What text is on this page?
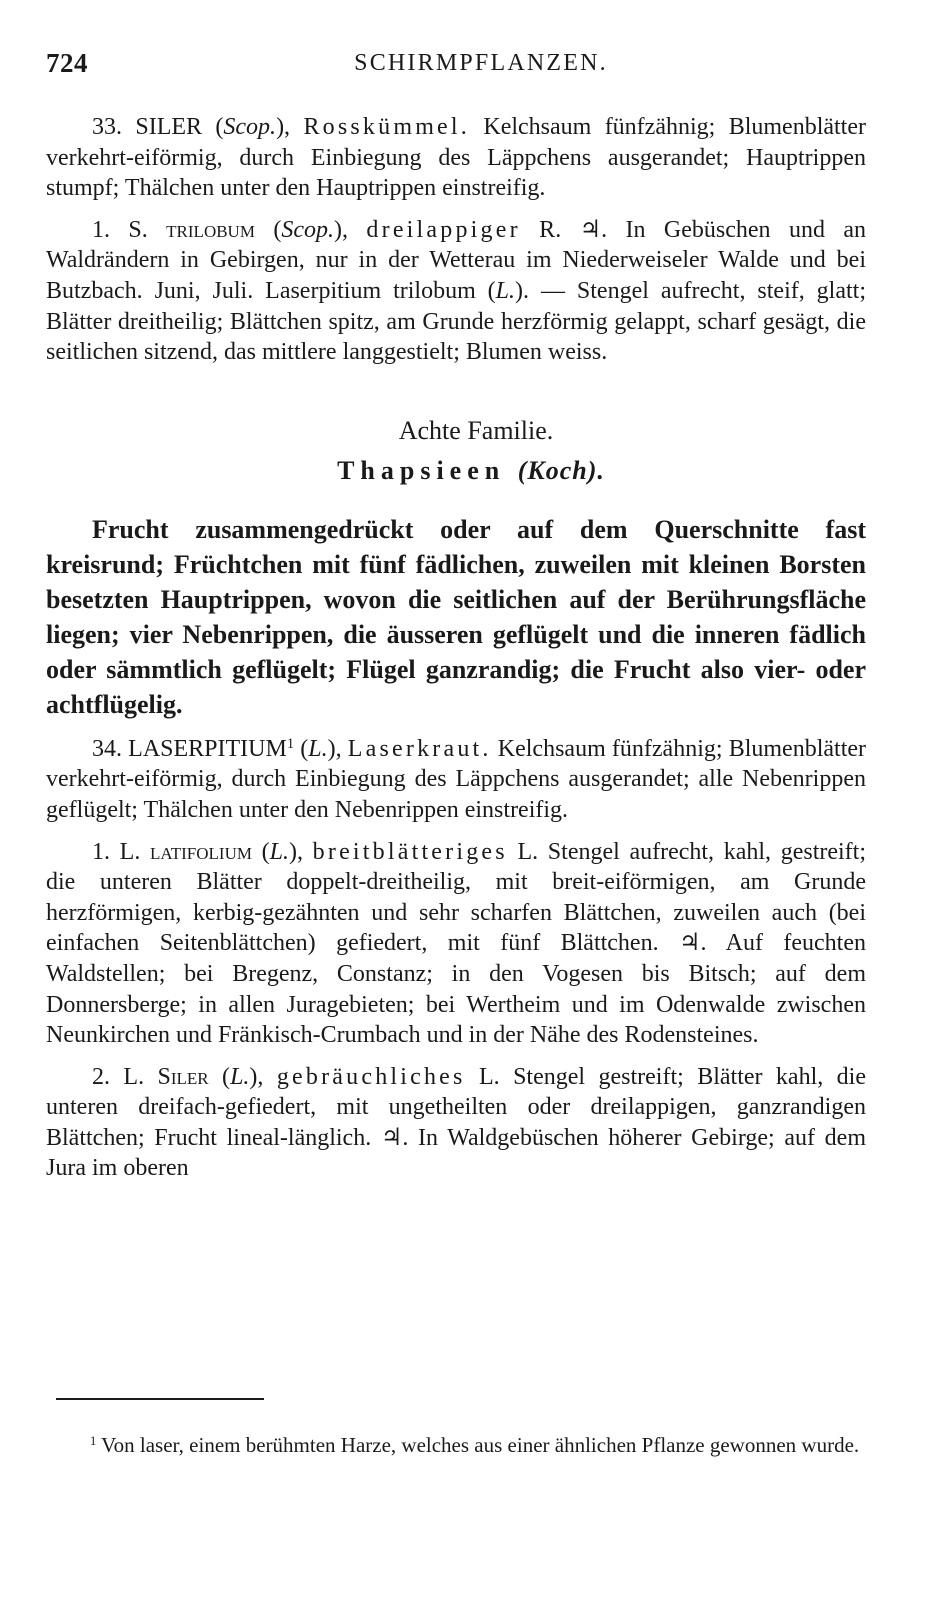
724	SCHIRMPFLANZEN.

33. SILER (Scop.), Rosskümmel. Kelchsaum fünfzähnig; Blumenblätter verkehrt-eiförmig, durch Einbiegung des Läppchens ausgerandet; Hauptrippen stumpf; Thälchen unter den Hauptrippen einstreifig.

1. S. trilobum (Scop.), dreilappiger R. ♃. In Gebüschen und an Waldrändern in Gebirgen, nur in der Wetterau im Niederweiseler Walde und bei Butzbach. Juni, Juli. Laserpitium trilobum (L.). — Stengel aufrecht, steif, glatt; Blätter dreitheilig; Blättchen spitz, am Grunde herzförmig gelappt, scharf gesägt, die seitlichen sitzend, das mittlere langgestielt; Blumen weiss.

Achte Familie.

Thapsieen (Koch).

Frucht zusammengedrückt oder auf dem Querschnitte fast kreisrund; Früchtchen mit fünf fädlichen, zuweilen mit kleinen Borsten besetzten Hauptrippen, wovon die seitlichen auf der Berührungsfläche liegen; vier Nebenrippen, die äusseren geflügelt und die inneren fädlich oder sämmtlich geflügelt; Flügel ganzrandig; die Frucht also vier- oder achtflügelig.

34. LASERPITIUM$^1$ (L.), Laserkraut. Kelchsaum fünfzähnig; Blumenblätter verkehrt-eiförmig, durch Einbiegung des Läppchens ausgerandet; alle Nebenrippen geflügelt; Thälchen unter den Nebenrippen einstreifig.

1. L. latifolium (L.), breitblätteriges L. Stengel aufrecht, kahl, gestreift; die unteren Blätter doppelt-dreitheilig, mit breit-eiförmigen, am Grunde herzförmigen, kerbig-gezähnten und sehr scharfen Blättchen, zuweilen auch (bei einfachen Seitenblättchen) gefiedert, mit fünf Blättchen. ♃. Auf feuchten Waldstellen; bei Bregenz, Constanz; in den Vogesen bis Bitsch; auf dem Donnersberge; in allen Juragebieten; bei Wertheim und im Odenwalde zwischen Neunkirchen und Fränkisch-Crumbach und in der Nähe des Rodensteines.

2. L. Siler (L.), gebräuchliches L. Stengel gestreift; Blätter kahl, die unteren dreifach-gefiedert, mit ungetheilten oder dreilappigen, ganzrandigen Blättchen; Frucht lineal-länglich. ♃. In Waldgebüschen höherer Gebirge; auf dem Jura im oberen

$^1$ Von laser, einem berühmten Harze, welches aus einer ähnlichen Pflanze gewonnen wurde.
